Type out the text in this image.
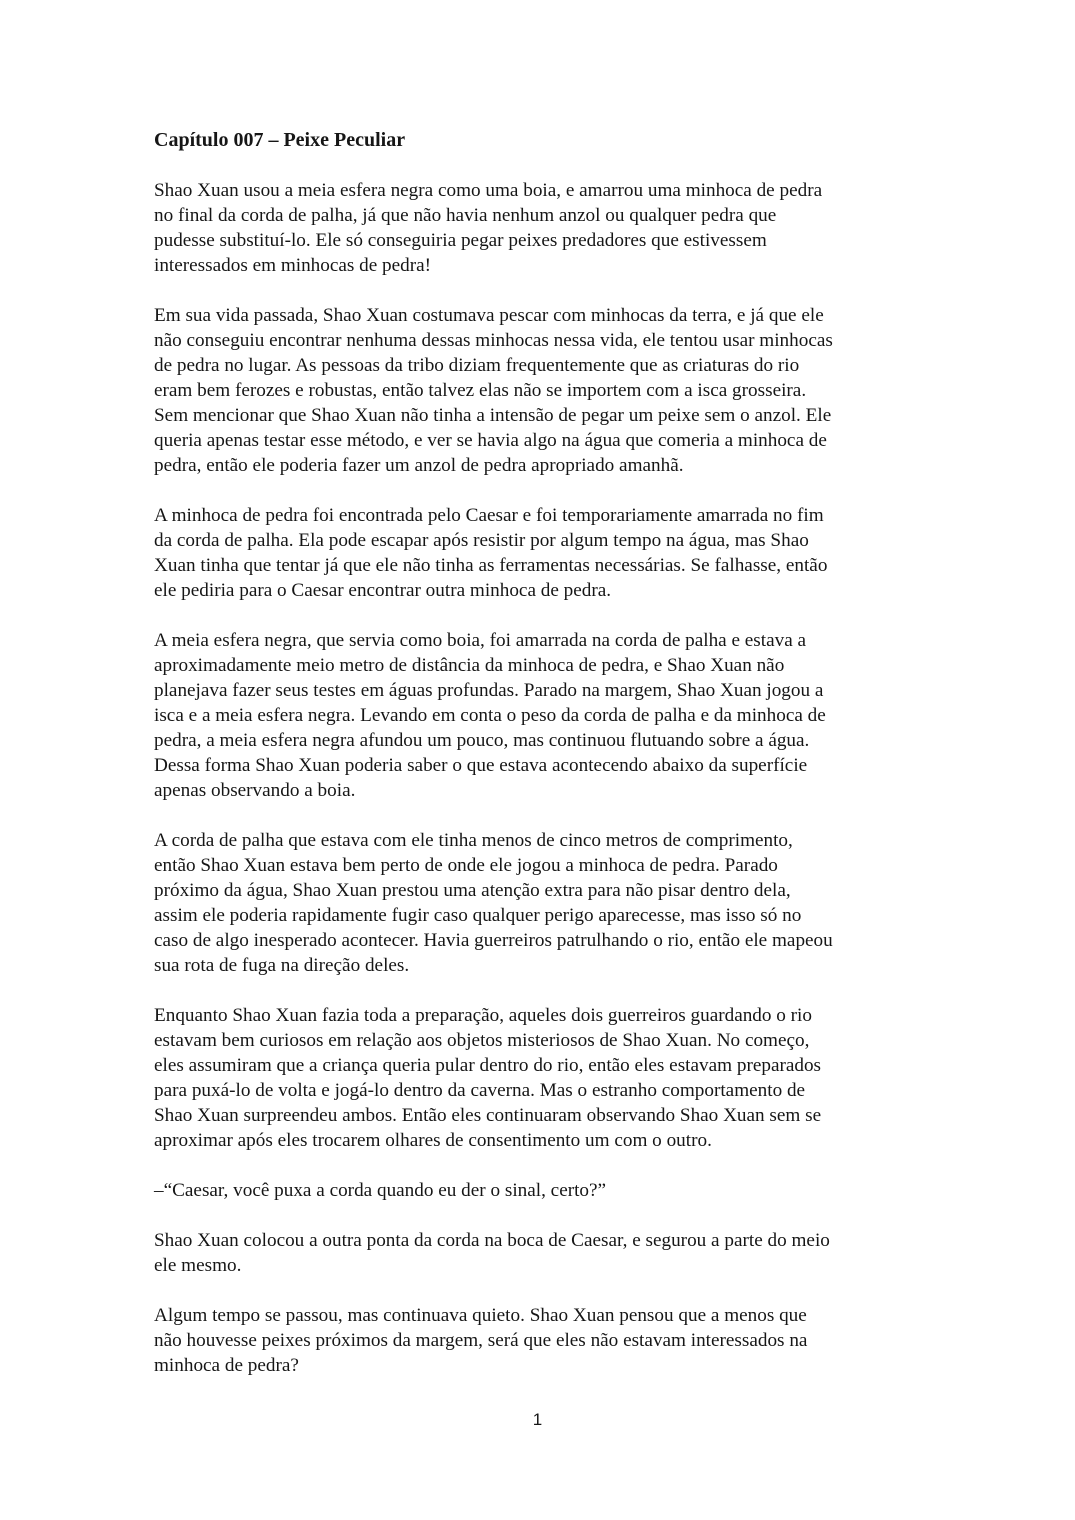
Capítulo 007 – Peixe Peculiar

Shao Xuan usou a meia esfera negra como uma boia, e amarrou uma minhoca de pedra
no final da corda de palha, já que não havia nenhum anzol ou qualquer pedra que
pudesse substituí-lo. Ele só conseguiria pegar peixes predadores que estivessem
interessados em minhocas de pedra!

Em sua vida passada, Shao Xuan costumava pescar com minhocas da terra, e já que ele
não conseguiu encontrar nenhuma dessas minhocas nessa vida, ele tentou usar minhocas
de pedra no lugar. As pessoas da tribo diziam frequentemente que as criaturas do rio
eram bem ferozes e robustas, então talvez elas não se importem com a isca grosseira.
Sem mencionar que Shao Xuan não tinha a intensão de pegar um peixe sem o anzol. Ele
queria apenas testar esse método, e ver se havia algo na água que comeria a minhoca de
pedra, então ele poderia fazer um anzol de pedra apropriado amanhã.

A minhoca de pedra foi encontrada pelo Caesar e foi temporariamente amarrada no fim
da corda de palha. Ela pode escapar após resistir por algum tempo na água, mas Shao
Xuan tinha que tentar já que ele não tinha as ferramentas necessárias. Se falhasse, então
ele pediria para o Caesar encontrar outra minhoca de pedra.

A meia esfera negra, que servia como boia, foi amarrada na corda de palha e estava a
aproximadamente meio metro de distância da minhoca de pedra, e Shao Xuan não
planejava fazer seus testes em águas profundas. Parado na margem, Shao Xuan jogou a
isca e a meia esfera negra. Levando em conta o peso da corda de palha e da minhoca de
pedra, a meia esfera negra afundou um pouco, mas continuou flutuando sobre a água.
Dessa forma Shao Xuan poderia saber o que estava acontecendo abaixo da superfície
apenas observando a boia.

A corda de palha que estava com ele tinha menos de cinco metros de comprimento,
então Shao Xuan estava bem perto de onde ele jogou a minhoca de pedra. Parado
próximo da água, Shao Xuan prestou uma atenção extra para não pisar dentro dela,
assim ele poderia rapidamente fugir caso qualquer perigo aparecesse, mas isso só no
caso de algo inesperado acontecer. Havia guerreiros patrulhando o rio, então ele mapeou
sua rota de fuga na direção deles.

Enquanto Shao Xuan fazia toda a preparação, aqueles dois guerreiros guardando o rio
estavam bem curiosos em relação aos objetos misteriosos de Shao Xuan. No começo,
eles assumiram que a criança queria pular dentro do rio, então eles estavam preparados
para puxá-lo de volta e jogá-lo dentro da caverna. Mas o estranho comportamento de
Shao Xuan surpreendeu ambos. Então eles continuaram observando Shao Xuan sem se
aproximar após eles trocarem olhares de consentimento um com o outro.

–“Caesar, você puxa a corda quando eu der o sinal, certo?”

Shao Xuan colocou a outra ponta da corda na boca de Caesar, e segurou a parte do meio
ele mesmo.

Algum tempo se passou, mas continuava quieto. Shao Xuan pensou que a menos que
não houvesse peixes próximos da margem, será que eles não estavam interessados na
minhoca de pedra?

1
